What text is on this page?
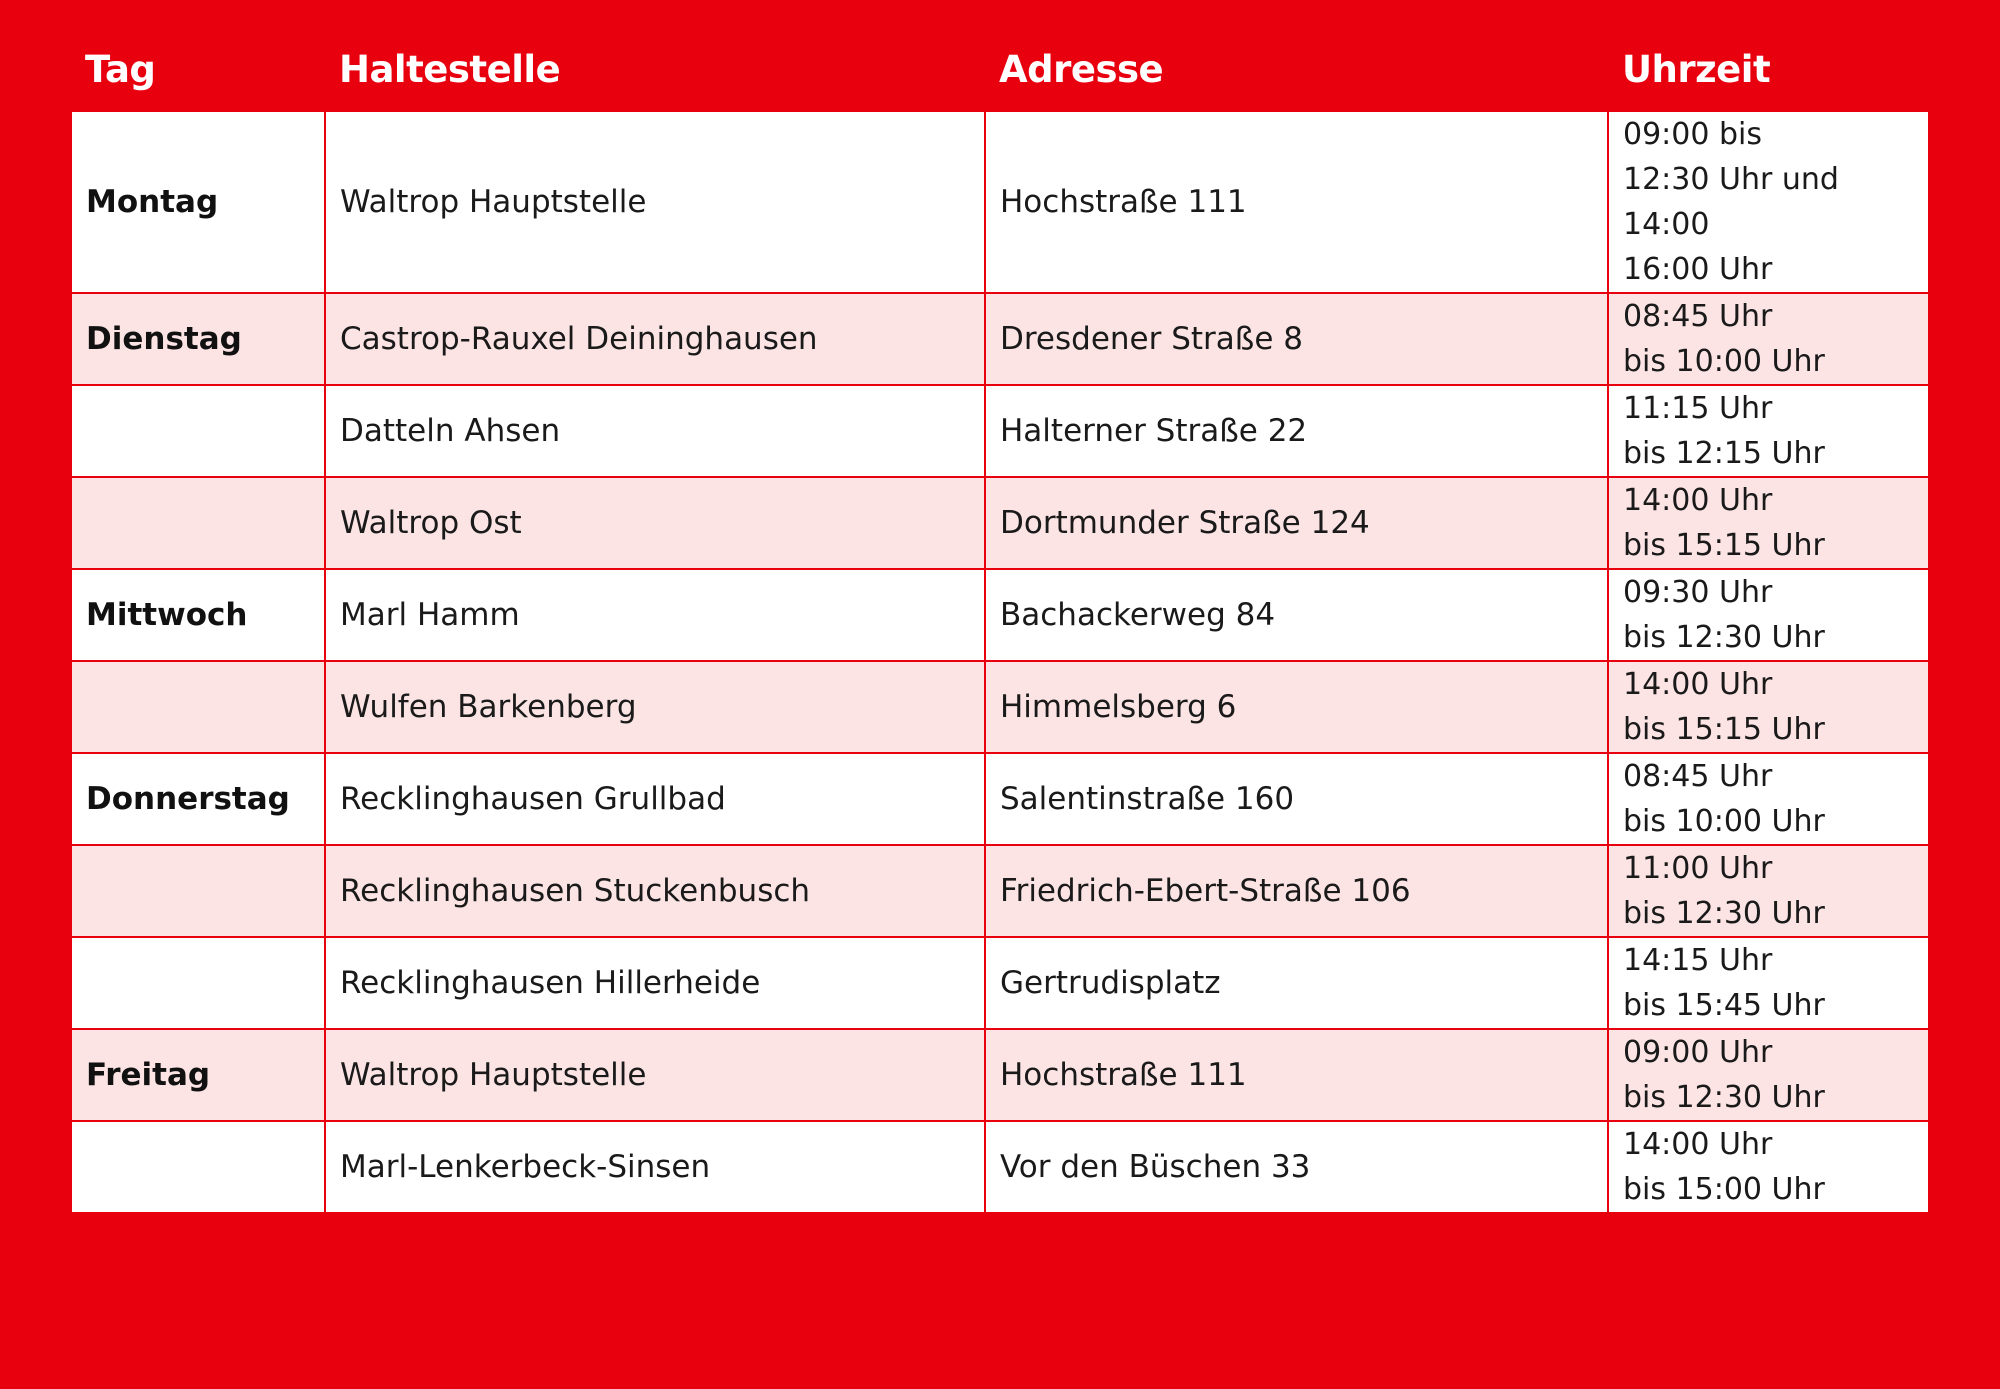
Tag	Haltestelle	Adresse	Uhrzeit
Montag	Waltrop Hauptstelle	Hochstraße 111	09:00 bis
12:30 Uhr und
14:00
16:00 Uhr

Dienstag	Castrop-Rauxel Deininghausen	Dresdener Straße 8	08:45 Uhr
bis 10:00 Uhr

	Datteln Ahsen	Halterner Straße 22	11:15 Uhr
bis 12:15 Uhr

	Waltrop Ost	Dortmunder Straße 124	14:00 Uhr
bis 15:15 Uhr

Mittwoch	Marl Hamm	Bachackerweg 84	09:30 Uhr
bis 12:30 Uhr

	Wulfen Barkenberg	Himmelsberg 6	14:00 Uhr
bis 15:15 Uhr

Donnerstag	Recklinghausen Grullbad	Salentinstraße 160	08:45 Uhr
bis 10:00 Uhr

	Recklinghausen Stuckenbusch	Friedrich-Ebert-Straße 106	11:00 Uhr
bis 12:30 Uhr

	Recklinghausen Hillerheide	Gertrudisplatz	14:15 Uhr
bis 15:45 Uhr

Freitag	Waltrop Hauptstelle	Hochstraße 111	09:00 Uhr
bis 12:30 Uhr

	Marl-Lenkerbeck-Sinsen	Vor den Büschen 33	14:00 Uhr
bis 15:00 Uhr
